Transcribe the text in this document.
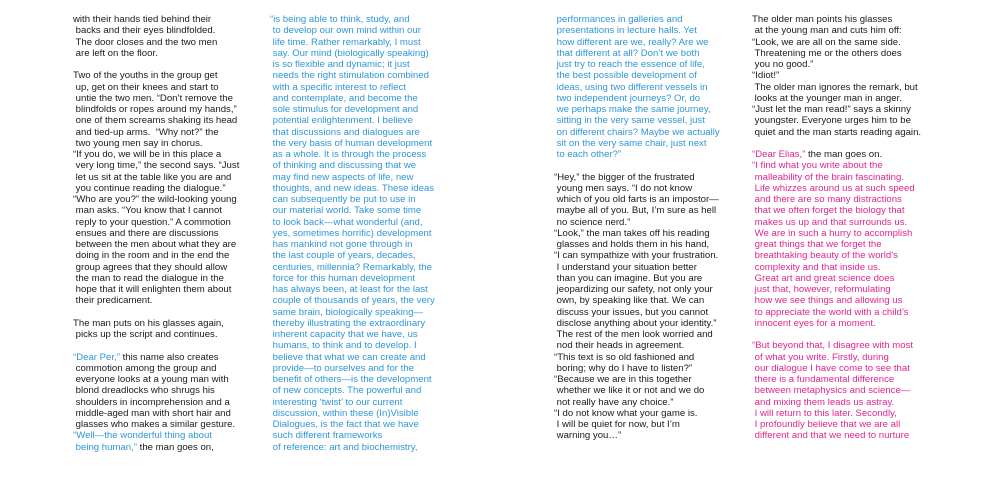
with their hands tied behind their
backs and their eyes blindfolded.
The door closes and the two men
are left on the floor.
Two of the youths in the group get
up, get on their knees and start to
untie the two men. “Don’t remove the
blindfolds or ropes around my hands,”
one of them screams shaking its head
and tied-up arms.  “Why not?” the
two young men say in chorus.
“If you do, we will be in this place a
very long time,” the second says. “Just
let us sit at the table like you are and
you continue reading the dialogue.”
“Who are you?” the wild-looking young
man asks. “You know that I cannot
reply to your question.” A commotion
ensues and there are discussions
between the men about what they are
doing in the room and in the end the
group agrees that they should allow
the man to read the dialogue in the
hope that it will enlighten them about
their predicament.
The man puts on his glasses again,
picks up the script and continues.
“Dear Per,” this name also creates
commotion among the group and
everyone looks at a young man with
blond dreadlocks who shrugs his
shoulders in incomprehension and a
middle-aged man with short hair and
glasses who makes a similar gesture.
“Well—the wonderful thing about
being human,” the man goes on,
“is being able to think, study, and
to develop our own mind within our
life time. Rather remarkably, I must
say. Our mind (biologically speaking)
is so flexible and dynamic; it just
needs the right stimulation combined
with a specific interest to reflect
and contemplate, and become the
sole stimulus for development and
potential enlightenment. I believe
that discussions and dialogues are
the very basis of human development
as a whole. It is through the process
of thinking and discussing that we
may find new aspects of life, new
thoughts, and new ideas. These ideas
can subsequently be put to use in
our material world. Take some time
to look back—what wonderful (and,
yes, sometimes horrific) development
has mankind not gone through in
the last couple of years, decades,
centuries, millennia? Remarkably, the
force for this human development
has always been, at least for the last
couple of thousands of years, the very
same brain, biologically speaking—
thereby illustrating the extraordinary
inherent capacity that we have, us
humans, to think and to develop. I
believe that what we can create and
provide—to ourselves and for the
benefit of others—is the development
of new concepts. The powerful and
interesting ‘twist’ to our current
discussion, within these (In)Visible
Dialogues, is the fact that we have
such different frameworks
of reference: art and biochemistry,
performances in galleries and
presentations in lecture halls. Yet
how different are we, really? Are we
that different at all? Don’t we both
just try to reach the essence of life,
the best possible development of
ideas, using two different vessels in
two independent journeys? Or, do
we perhaps make the same journey,
sitting in the very same vessel, just
on different chairs? Maybe we actually
sit on the very same chair, just next
to each other?”
“Hey,” the bigger of the frustrated
young men says. “I do not know
which of you old farts is an impostor—
maybe all of you. But, I’m sure as hell
no science nerd.”
“Look,” the man takes off his reading
glasses and holds them in his hand,
“I can sympathize with your frustration.
I understand your situation better
than you can imagine. But you are
jeopardizing our safety, not only your
own, by speaking like that. We can
discuss your issues, but you cannot
disclose anything about your identity.”
The rest of the men look worried and
nod their heads in agreement.
“This text is so old fashioned and
boring; why do I have to listen?”
“Because we are in this together
whether we like it or not and we do
not really have any choice.”
“I do not know what your game is.
I will be quiet for now, but I’m
warning you…”
The older man points his glasses
at the young man and cuts him off:
“Look, we are all on the same side.
Threatening me or the others does
you no good.”
“Idiot!”
The older man ignores the remark, but
looks at the younger man in anger.
“Just let the man read!” says a skinny
youngster. Everyone urges him to be
quiet and the man starts reading again.
“Dear Elias,” the man goes on.
“I find what you write about the
malleability of the brain fascinating.
Life whizzes around us at such speed
and there are so many distractions
that we often forget the biology that
makes us up and that surrounds us.
We are in such a hurry to accomplish
great things that we forget the
breathtaking beauty of the world’s
complexity and that inside us.
Great art and great science does
just that, however, reformulating
how we see things and allowing us
to appreciate the world with a child’s
innocent eyes for a moment.
“But beyond that, I disagree with most
of what you write. Firstly, during
our dialogue I have come to see that
there is a fundamental difference
between metaphysics and science—
and mixing them leads us astray.
I will return to this later. Secondly,
I profoundly believe that we are all
different and that we need to nurture
